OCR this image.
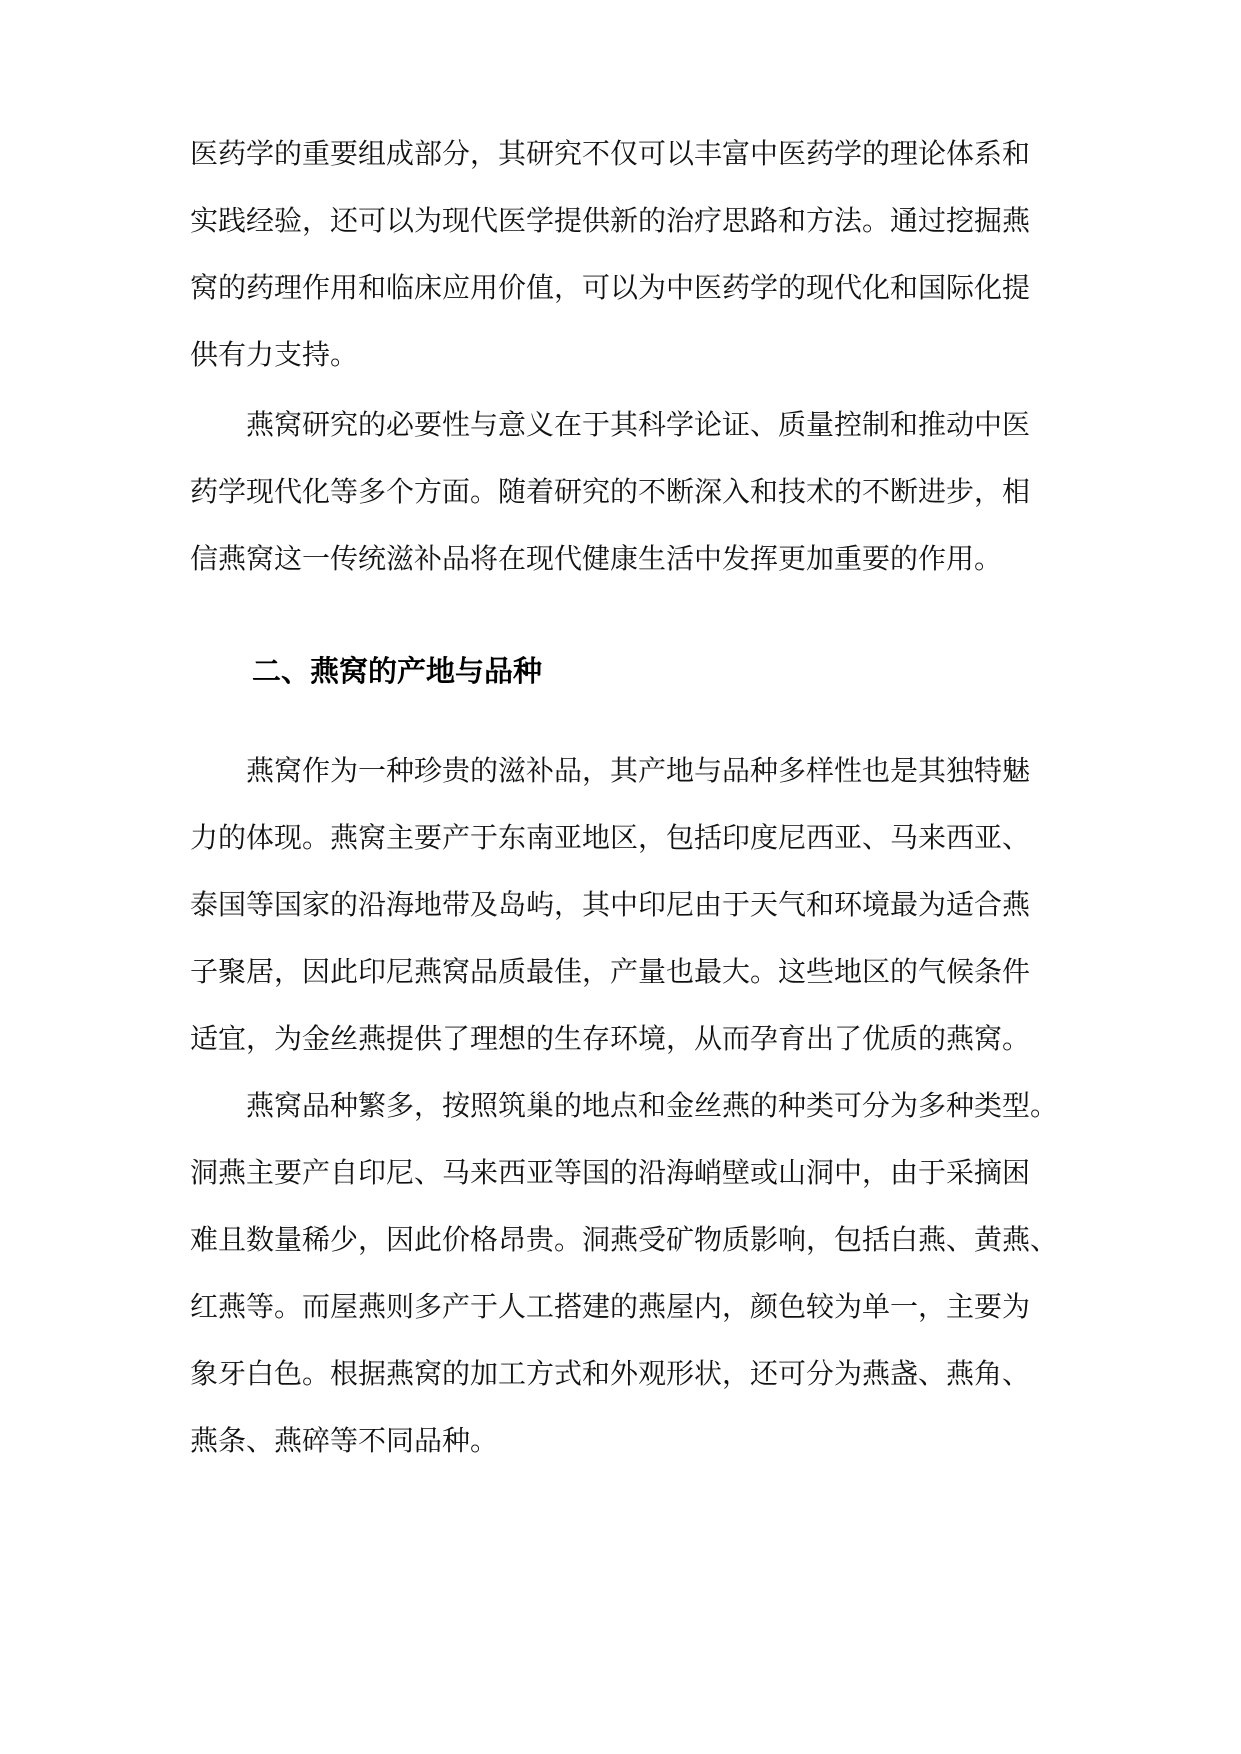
医药学的重要组成部分，其研究不仅可以丰富中医药学的理论体系和

实践经验，还可以为现代医学提供新的治疗思路和方法。通过挖掘燕

窝的药理作用和临床应用价值，可以为中医药学的现代化和国际化提

供有力支持。

燕窝研究的必要性与意义在于其科学论证、质量控制和推动中医

药学现代化等多个方面。随着研究的不断深入和技术的不断进步，相

信燕窝这一传统滋补品将在现代健康生活中发挥更加重要的作用。

二、燕窝的产地与品种

燕窝作为一种珍贵的滋补品，其产地与品种多样性也是其独特魅

力的体现。燕窝主要产于东南亚地区，包括印度尼西亚、马来西亚、

泰国等国家的沿海地带及岛屿，其中印尼由于天气和环境最为适合燕

子聚居，因此印尼燕窝品质最佳，产量也最大。这些地区的气候条件

适宜，为金丝燕提供了理想的生存环境，从而孕育出了优质的燕窝。

燕窝品种繁多，按照筑巢的地点和金丝燕的种类可分为多种类型。

洞燕主要产自印尼、马来西亚等国的沿海峭壁或山洞中，由于采摘困

难且数量稀少，因此价格昂贵。洞燕受矿物质影响，包括白燕、黄燕、

红燕等。而屋燕则多产于人工搭建的燕屋内，颜色较为单一，主要为

象牙白色。根据燕窝的加工方式和外观形状，还可分为燕盏、燕角、

燕条、燕碎等不同品种。
